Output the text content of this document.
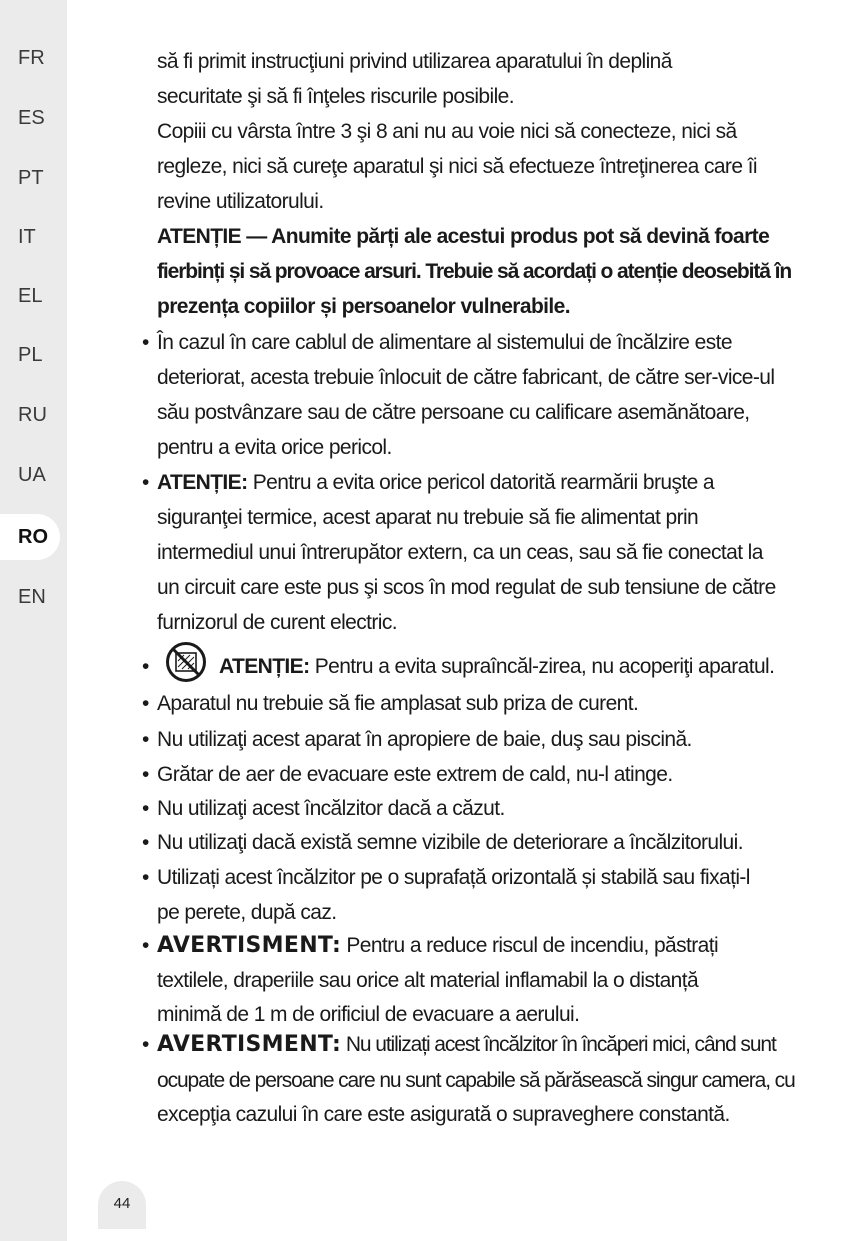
FR
ES
PT
IT
EL
PL
RU
UA
RO
EN
44
să fi primit instrucţiuni privind utilizarea aparatului în deplină
securitate şi să fi înţeles riscurile posibile.
Copiii cu vârsta între 3 şi 8 ani nu au voie nici să conecteze, nici să
regleze, nici să cureţe aparatul şi nici să efectueze întreţinerea care îi
revine utilizatorului.
ATENȚIE — Anumite părți ale acestui produs pot să devină foarte
fierbinți și să provoace arsuri. Trebuie să acordați o atenție deosebită în
prezența copiilor și persoanelor vulnerabile.
• În cazul în care cablul de alimentare al sistemului de încălzire este
deteriorat, acesta trebuie înlocuit de către fabricant, de către ser-vice-ul
său postvânzare sau de către persoane cu calificare asemănătoare,
pentru a evita orice pericol.
• ATENȚIE: Pentru a evita orice pericol datorită rearmării bruşte a
siguranţei termice, acest aparat nu trebuie să fie alimentat prin
intermediul unui întrerupător extern, ca un ceas, sau să fie conectat la
un circuit care este pus şi scos în mod regulat de sub tensiune de către
furnizorul de curent electric.
•	ATENȚIE: Pentru a evita supraîncăl-zirea, nu acoperiţi aparatul.
• Aparatul nu trebuie să fie amplasat sub priza de curent.
• Nu utilizaţi acest aparat în apropiere de baie, duş sau piscină.
• Grătar de aer de evacuare este extrem de cald, nu-l atinge.
• Nu utilizaţi acest încălzitor dacă a căzut.
• Nu utilizaţi dacă există semne vizibile de deteriorare a încălzitorului.
• Utilizați acest încălzitor pe o suprafață orizontală și stabilă sau fixați-l
pe perete, după caz.
• AVERTISMENT: Pentru a reduce riscul de incendiu, păstrați
textilele, draperiile sau orice alt material inflamabil la o distanță
minimă de 1 m de orificiul de evacuare a aerului.
• AVERTISMENT: Nu utilizați acest încălzitor în încăperi mici, când sunt
ocupate de persoane care nu sunt capabile să părăsească singur camera, cu
excepţia cazului în care este asigurată o supraveghere constantă.
